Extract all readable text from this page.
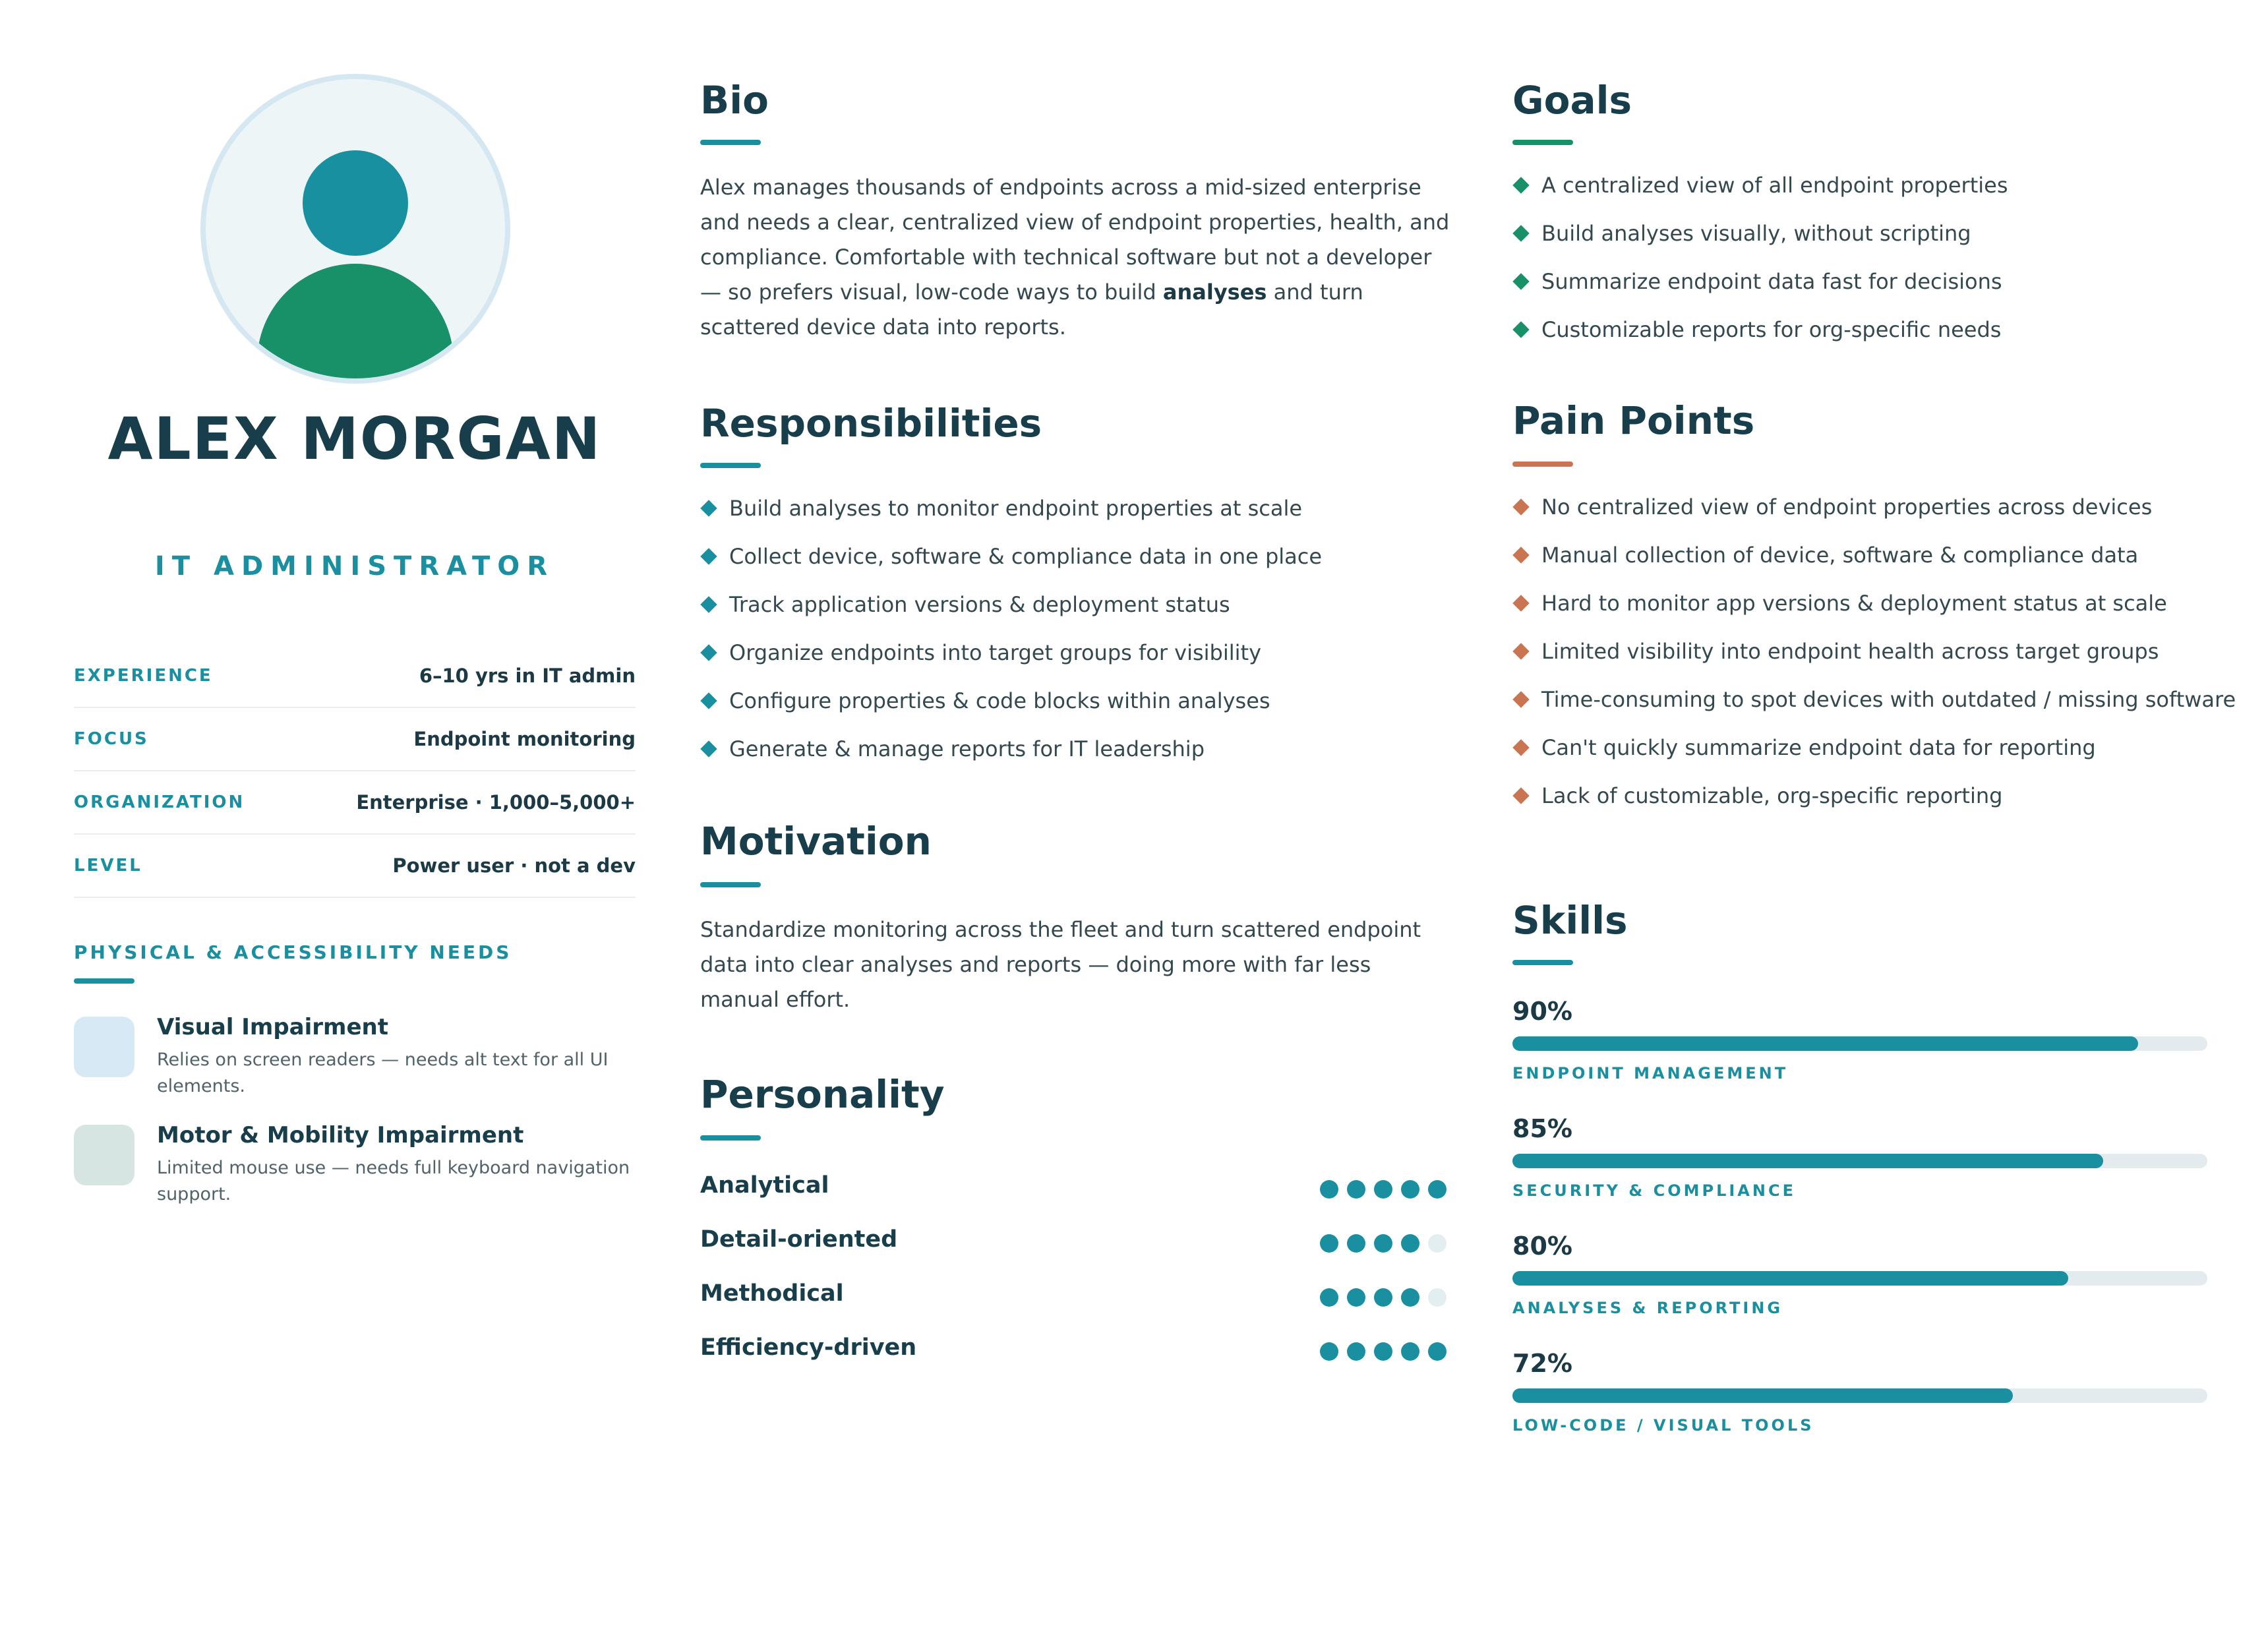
ALEX MORGAN
IT ADMINISTRATOR
EXPERIENCE	6–10 yrs in IT admin
FOCUS	Endpoint monitoring
ORGANIZATION	Enterprise · 1,000–5,000+
LEVEL	Power user · not a dev
PHYSICAL & ACCESSIBILITY NEEDS
Visual Impairment
Relies on screen readers — needs alt text for all UI elements.
Motor & Mobility Impairment
Limited mouse use — needs full keyboard navigation support.
Bio

Alex manages thousands of endpoints across a mid-sized enterprise and needs a clear, centralized view of endpoint properties, health, and compliance. Comfortable with technical software but not a developer — so prefers visual, low-code ways to build analyses and turn scattered device data into reports.

Responsibilities
Build analyses to monitor endpoint properties at scale
Collect device, software & compliance data in one place
Track application versions & deployment status
Organize endpoints into target groups for visibility
Configure properties & code blocks within analyses
Generate & manage reports for IT leadership
Motivation

Standardize monitoring across the fleet and turn scattered endpoint data into clear analyses and reports — doing more with far less manual effort.

Personality
Analytical
Detail-oriented
Methodical
Efficiency-driven
Goals
A centralized view of all endpoint properties
Build analyses visually, without scripting
Summarize endpoint data fast for decisions
Customizable reports for org-specific needs
Pain Points
No centralized view of endpoint properties across devices
Manual collection of device, software & compliance data
Hard to monitor app versions & deployment status at scale
Limited visibility into endpoint health across target groups
Time-consuming to spot devices with outdated / missing software
Can't quickly summarize endpoint data for reporting
Lack of customizable, org-specific reporting
Skills
90%
ENDPOINT MANAGEMENT
85%
SECURITY & COMPLIANCE
80%
ANALYSES & REPORTING
72%
LOW-CODE / VISUAL TOOLS
